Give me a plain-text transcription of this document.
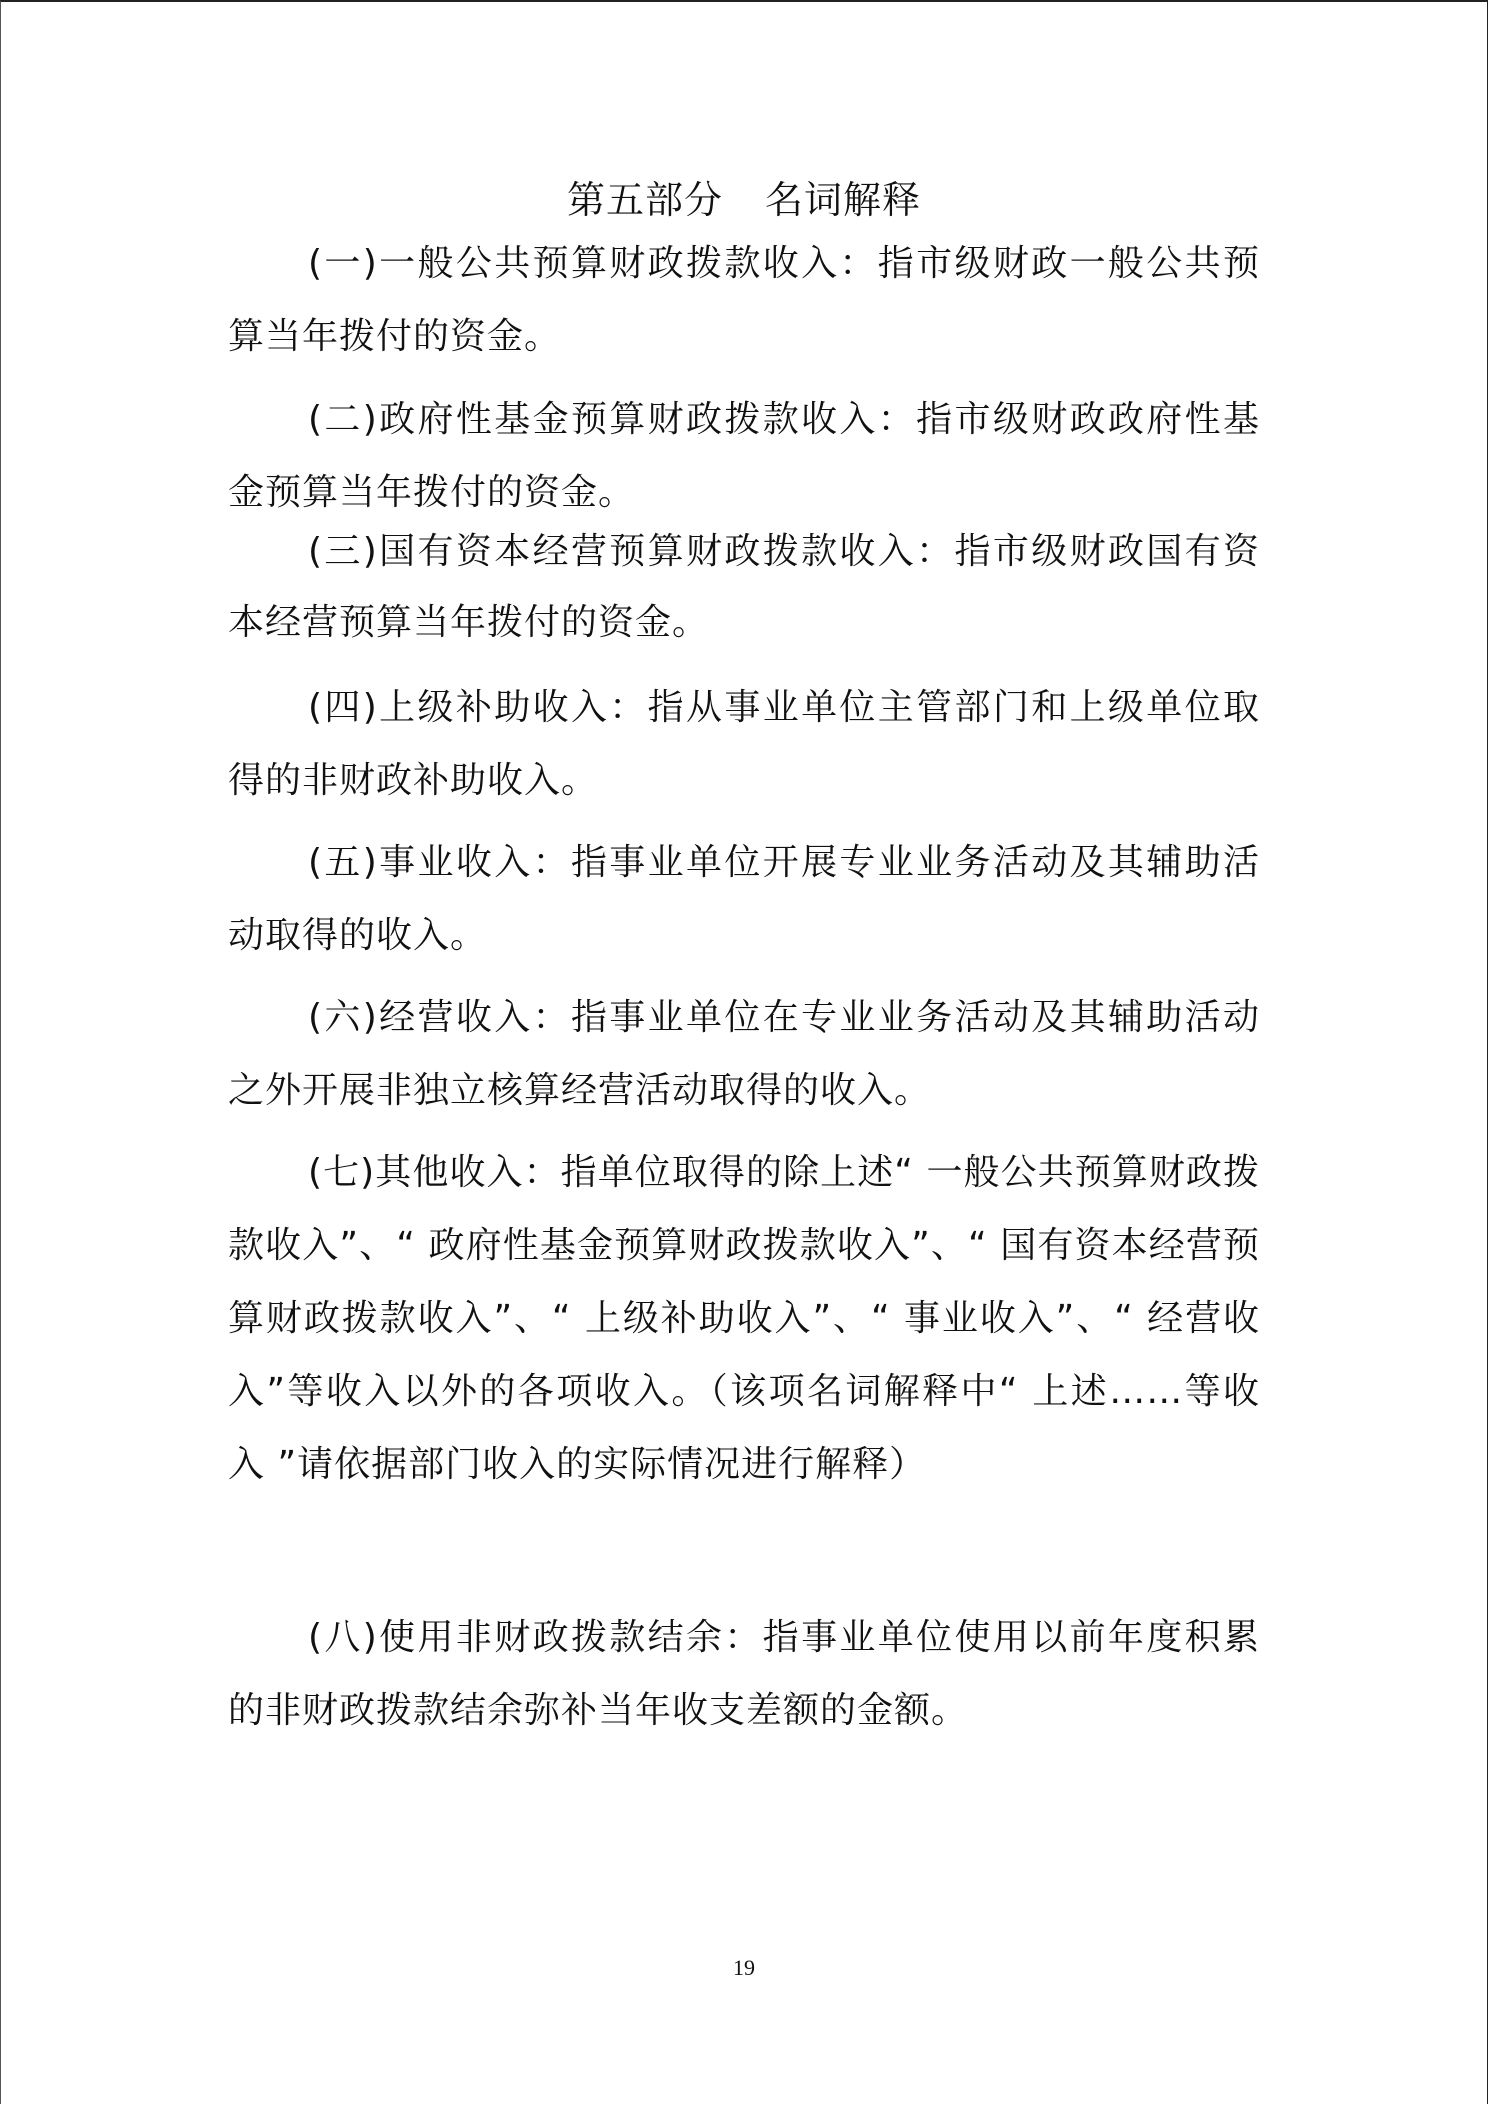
第五部分 名词解释

(一)一般公共预算财政拨款收入：指市级财政一般公共预算当年拨付的资金。

(二)政府性基金预算财政拨款收入：指市级财政政府性基金预算当年拨付的资金。

(三)国有资本经营预算财政拨款收入：指市级财政国有资本经营预算当年拨付的资金。

(四)上级补助收入：指从事业单位主管部门和上级单位取得的非财政补助收入。

(五)事业收入：指事业单位开展专业业务活动及其辅助活动取得的收入。

(六)经营收入：指事业单位在专业业务活动及其辅助活动之外开展非独立核算经营活动取得的收入。

(七)其他收入：指单位取得的除上述“ 一般公共预算财政拨款收入”、“ 政府性基金预算财政拨款收入”、“ 国有资本经营预算财政拨款收入”、“ 上级补助收入”、“ 事业收入”、“ 经营收入”等收入以外的各项收入。（该项名词解释中“ 上述……等收入 ”请依据部门收入的实际情况进行解释）

(八)使用非财政拨款结余：指事业单位使用以前年度积累的非财政拨款结余弥补当年收支差额的金额。

19
